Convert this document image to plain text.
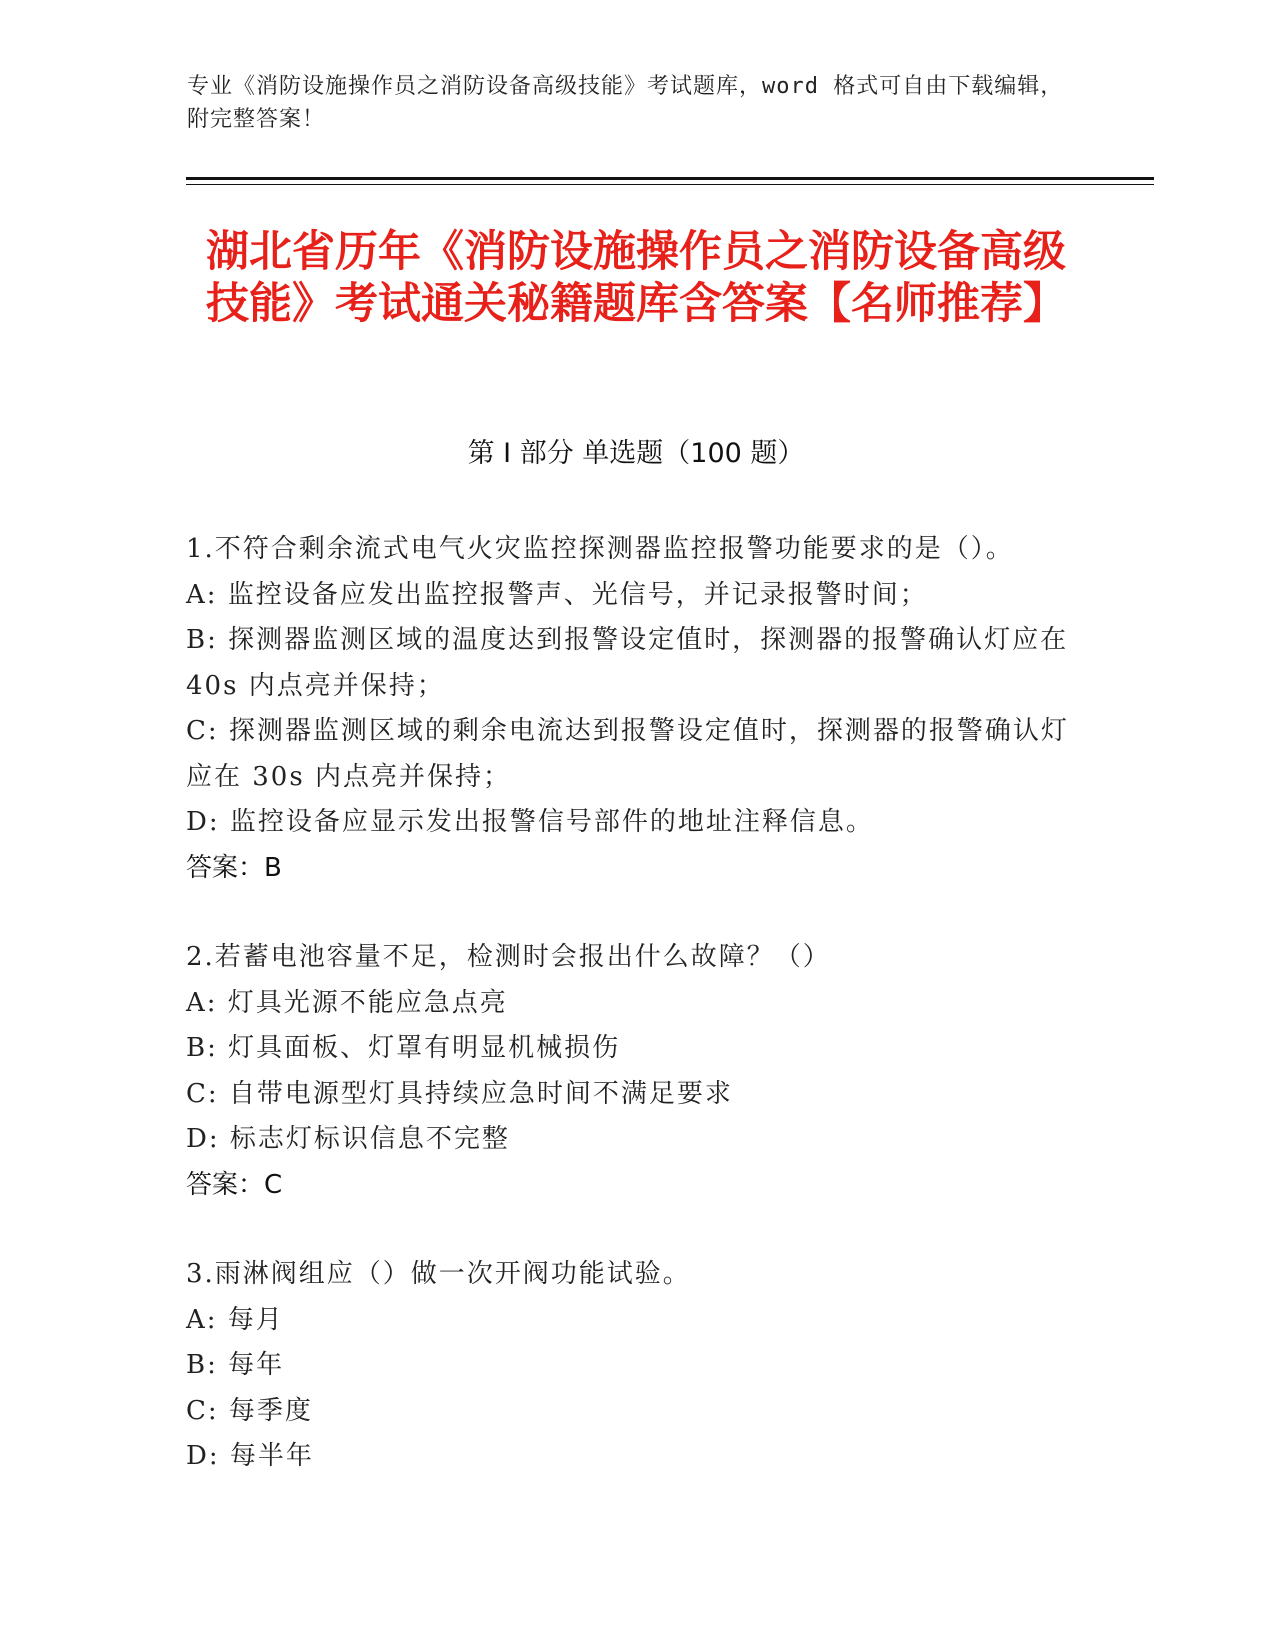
专业《消防设施操作员之消防设备高级技能》考试题库，word 格式可自由下载编辑，附完整答案！
湖北省历年《消防设施操作员之消防设备高级技能》考试通关秘籍题库含答案【名师推荐】
第 I 部分 单选题（100 题）

1.不符合剩余流式电气火灾监控探测器监控报警功能要求的是（）。

A: 监控设备应发出监控报警声、光信号，并记录报警时间；

B: 探测器监测区域的温度达到报警设定值时，探测器的报警确认灯应在 40s 内点亮并保持；

C: 探测器监测区域的剩余电流达到报警设定值时，探测器的报警确认灯应在 30s 内点亮并保持；

D: 监控设备应显示发出报警信号部件的地址注释信息。

答案：B

2.若蓄电池容量不足，检测时会报出什么故障？（）

A: 灯具光源不能应急点亮

B: 灯具面板、灯罩有明显机械损伤

C: 自带电源型灯具持续应急时间不满足要求

D: 标志灯标识信息不完整

答案：C

3.雨淋阀组应（）做一次开阀功能试验。

A: 每月

B: 每年

C: 每季度

D: 每半年
